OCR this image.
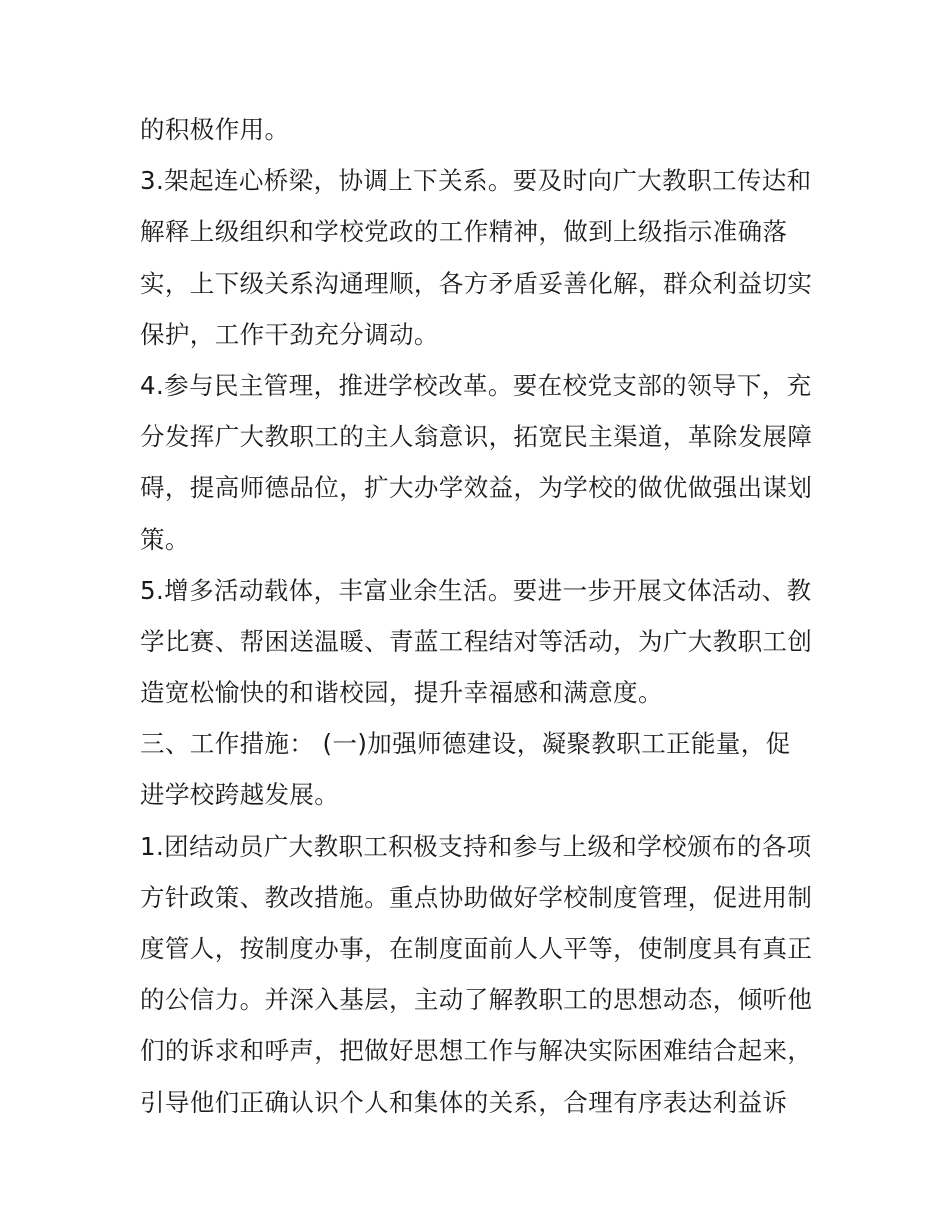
的积极作用。
3.架起连心桥梁，协调上下关系。要及时向广大教职工传达和
解释上级组织和学校党政的工作精神，做到上级指示准确落
实，上下级关系沟通理顺，各方矛盾妥善化解，群众利益切实
保护，工作干劲充分调动。
4.参与民主管理，推进学校改革。要在校党支部的领导下，充
分发挥广大教职工的主人翁意识，拓宽民主渠道，革除发展障
碍，提高师德品位，扩大办学效益，为学校的做优做强出谋划
策。
5.增多活动载体，丰富业余生活。要进一步开展文体活动、教
学比赛、帮困送温暖、青蓝工程结对等活动，为广大教职工创
造宽松愉快的和谐校园，提升幸福感和满意度。
三、工作措施： (一)加强师德建设，凝聚教职工正能量，促
进学校跨越发展。
1.团结动员广大教职工积极支持和参与上级和学校颁布的各项
方针政策、教改措施。重点协助做好学校制度管理，促进用制
度管人，按制度办事，在制度面前人人平等，使制度具有真正
的公信力。并深入基层，主动了解教职工的思想动态，倾听他
们的诉求和呼声，把做好思想工作与解决实际困难结合起来，
引导他们正确认识个人和集体的关系，合理有序表达利益诉
